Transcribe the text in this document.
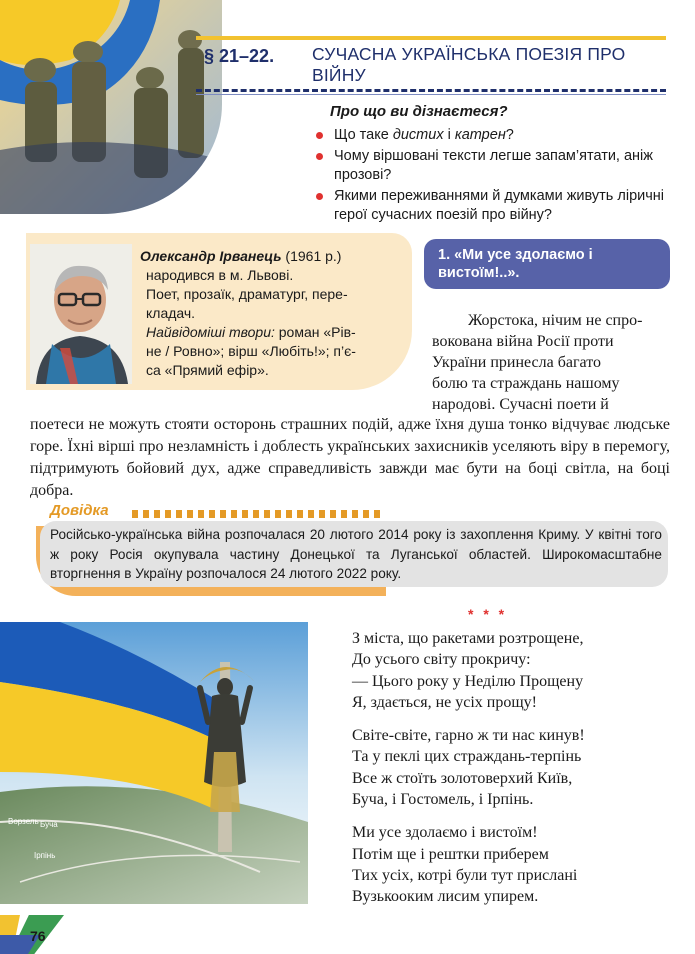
§ 21–22. СУЧАСНА УКРАЇНСЬКА ПОЕЗІЯ ПРО ВІЙНУ
Про що ви дізнаєтеся?
Що таке дистих і катрен?
Чому віршовані тексти легше запам’ятати, аніж прозові?
Якими переживаннями й думками живуть ліричні герої сучасних поезій про війну?
Олександр Ірванець (1961 р.)
народився в м. Львові.
Поет, прозаїк, драматург, пере-
кладач.
Найвідоміші твори: роман «Рів-
не / Ровно»; вірш «Любіть!»; п’є-
са «Прямий ефір».
1. «Ми усе здолаємо і вистоїм!..».
Жорстока, нічим не спро-
вокована війна Росії проти
України принесла багато
болю та страждань нашому
народові. Сучасні поети й
поетеси не можуть стояти осторонь страшних подій, адже їхня душа тонко відчуває людське горе. Їхні вірші про незламність і доблесть українських захисників уселяють віру в перемогу, підтримують бойовий дух, адже справедливість завжди має бути на боці світла, на боці добра.
Довідка
Російсько-українська війна розпочалася 20 лютого 2014 року із захоплення Криму. У квітні того ж року Росія окупувала частину Донецької та Луганської областей. Широкомасштабне вторгнення в Україну розпочалося 24 лютого 2022 року.
Ворзель Буча
Ірпінь
* * *
З міста, що ракетами розтрощене,
До усього світу прокричу:
— Цього року у Неділю Прощену
Я, здається, не усіх прощу!
Світе-світе, гарно ж ти нас кинув!
Та у пеклі цих страждань-терпінь
Все ж стоїть золотоверхий Київ,
Буча, і Гостомель, і Ірпінь.
Ми усе здолаємо і вистоїм!
Потім ще і рештки приберем
Тих усіх, котрі були тут прислані
Вузькооким лисим упирем.
76
